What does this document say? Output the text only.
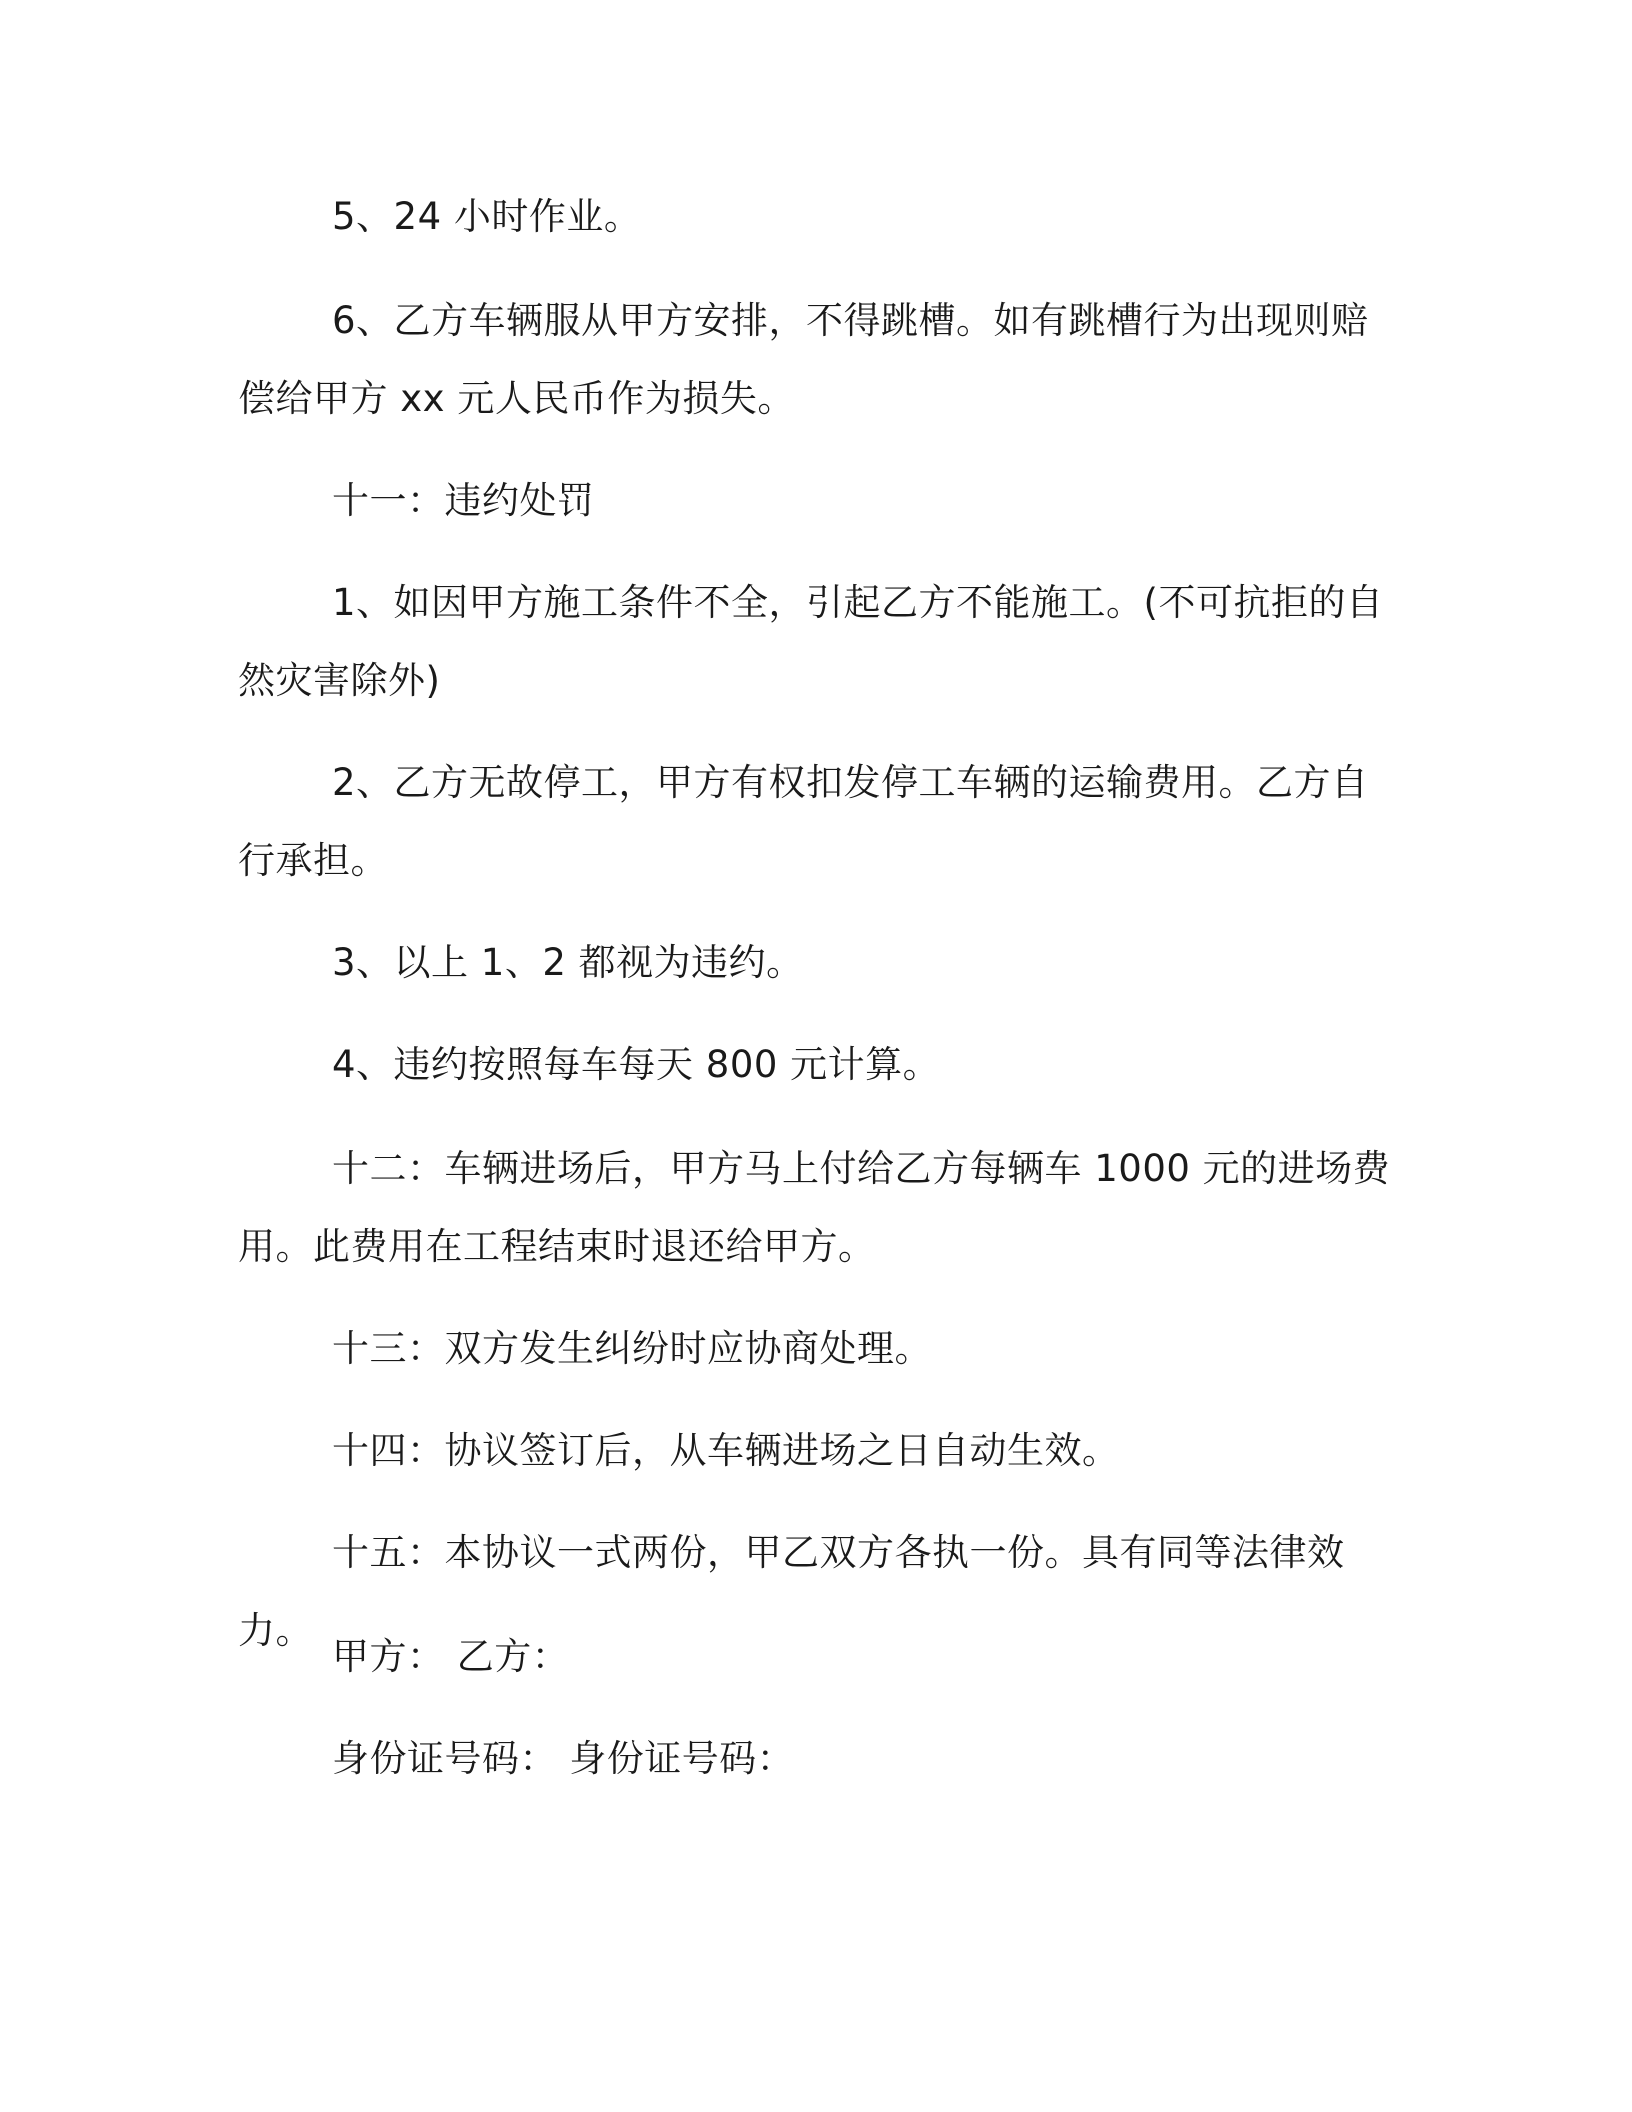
5、24 小时作业。

6、乙方车辆服从甲方安排，不得跳槽。如有跳槽行为出现则赔偿给甲方 xx 元人民币作为损失。

十一：违约处罚

1、如因甲方施工条件不全，引起乙方不能施工。(不可抗拒的自然灾害除外)

2、乙方无故停工，甲方有权扣发停工车辆的运输费用。乙方自行承担。

3、以上 1、2 都视为违约。

4、违约按照每车每天 800 元计算。

十二：车辆进场后，甲方马上付给乙方每辆车 1000 元的进场费用。此费用在工程结束时退还给甲方。

十三：双方发生纠纷时应协商处理。

十四：协议签订后，从车辆进场之日自动生效。

十五：本协议一式两份，甲乙双方各执一份。具有同等法律效力。

甲方： 乙方：

身份证号码： 身份证号码：
